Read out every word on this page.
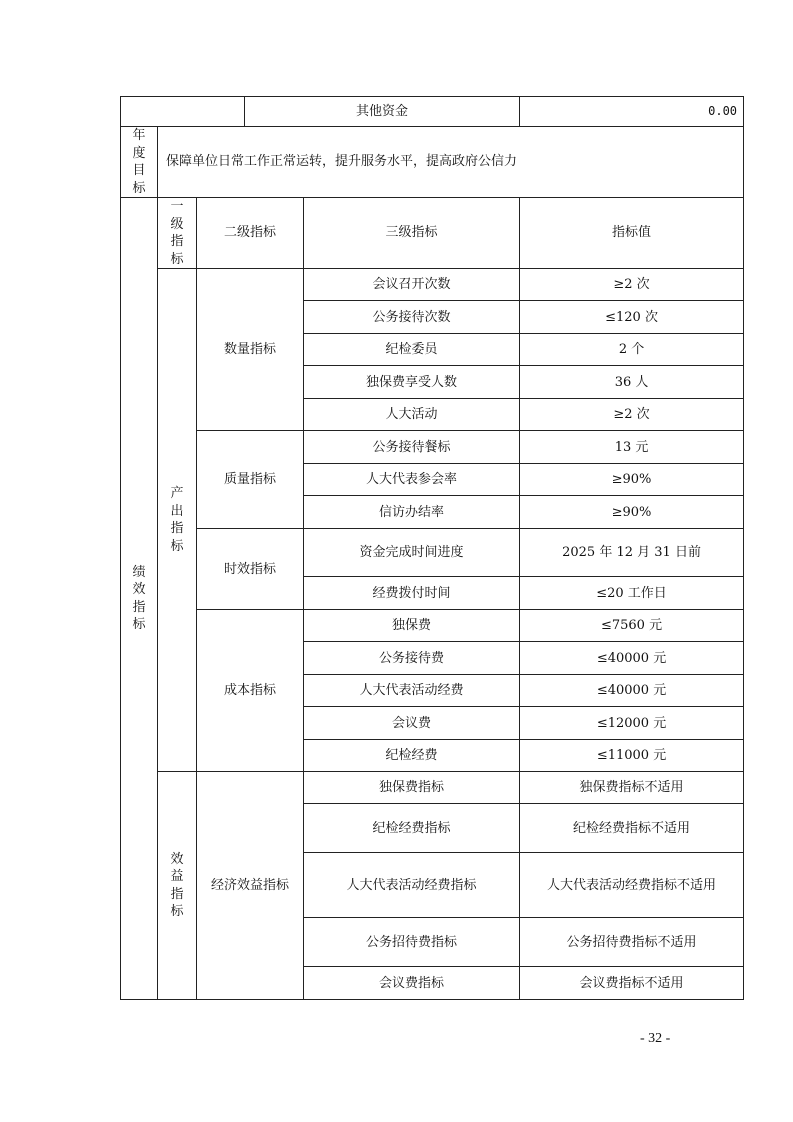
			其他资金		0.00
年
度
目
标	保障单位日常工作正常运转，提升服务水平，提高政府公信力				
绩
效
指
标	一
级
指
标	二级指标		三级指标	指标值
	产
出
指
标	数量指标		会议召开次数	≥2 次
				公务接待次数	≤120 次
				纪检委员	2 个
				独保费享受人数	36 人
				人大活动	≥2 次
		质量指标		公务接待餐标	13 元
				人大代表参会率	≥90%
				信访办结率	≥90%
		时效指标		资金完成时间进度	2025 年 12 月 31 日前
				经费拨付时间	≤20 工作日
		成本指标		独保费	≤7560 元
				公务接待费	≤40000 元
				人大代表活动经费	≤40000 元
				会议费	≤12000 元
				纪检经费	≤11000 元
	效
益
指
标	经济效益指标		独保费指标	独保费指标不适用
				纪检经费指标	纪检经费指标不适用
				人大代表活动经费指标	人大代表活动经费指标不适用
				公务招待费指标	公务招待费指标不适用
				会议费指标	会议费指标不适用
- 32 -
